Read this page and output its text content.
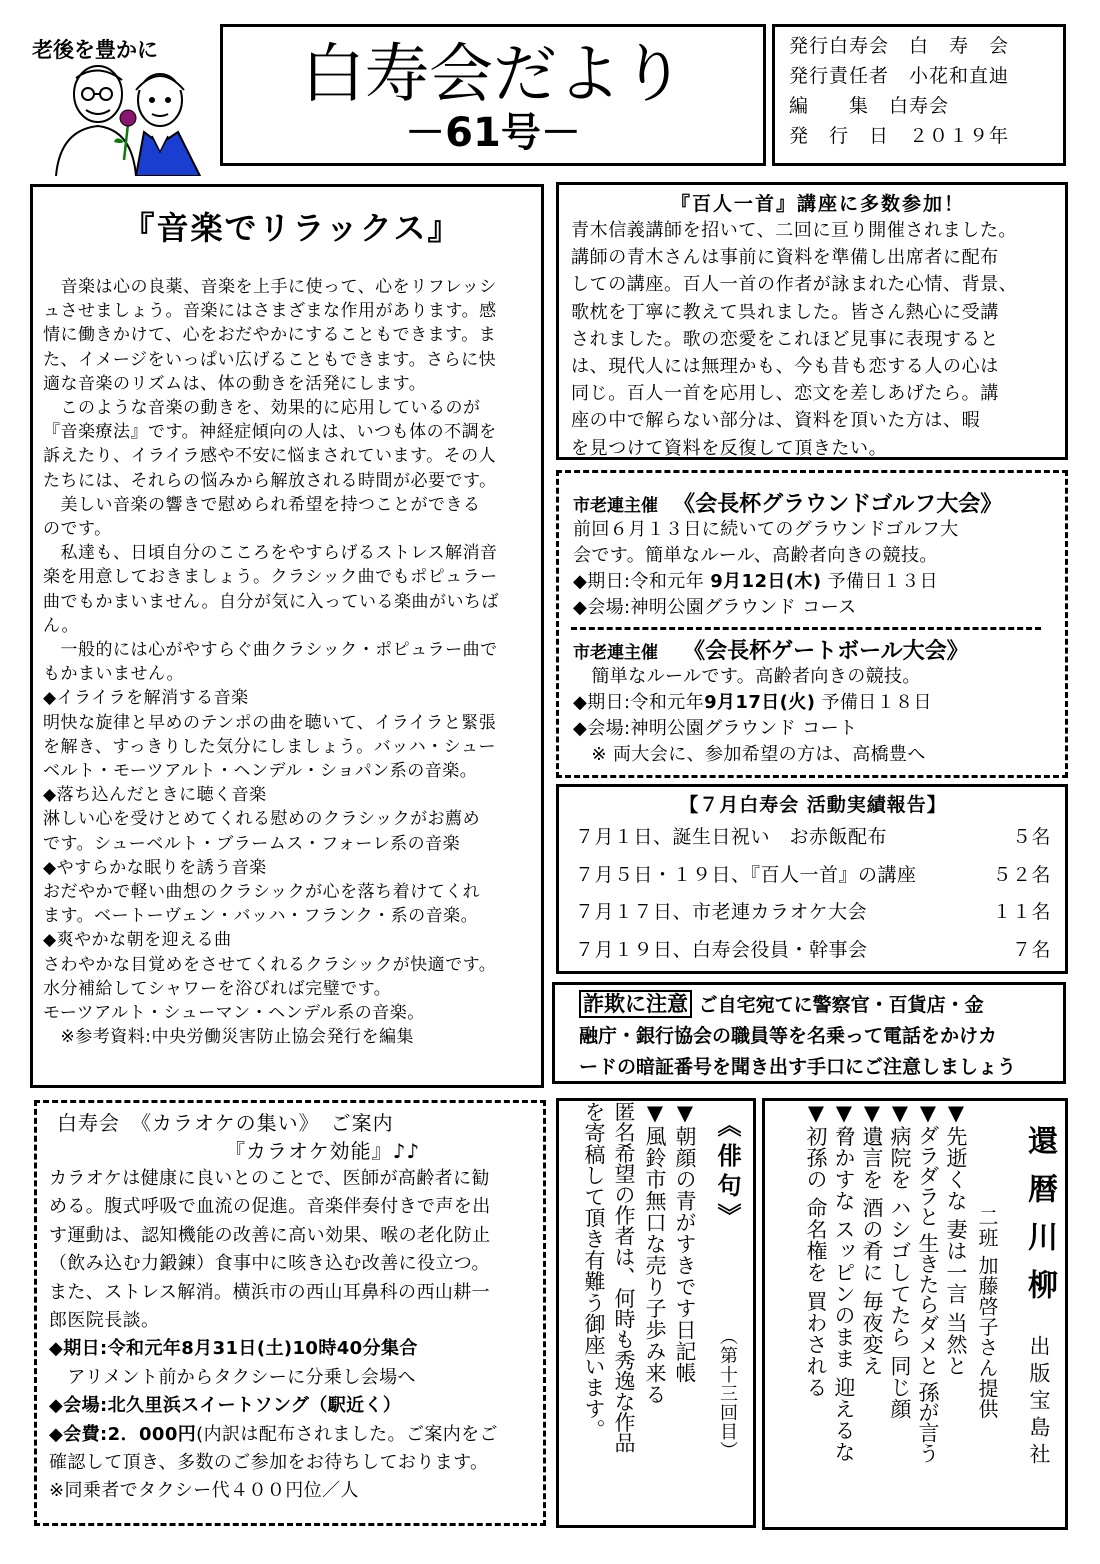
老後を豊かに	白寿会だより
－61号－
発行白寿会　白　寿　会
発行責任者　小花和直迪
編　　集　白寿会
発　行　日　２０１９年
『音楽でリラックス』
　音楽は心の良薬、音楽を上手に使って、心をリフレッシ
ュさせましょう。音楽にはさまざまな作用があります。感
情に働きかけて、心をおだやかにすることもできます。ま
た、イメージをいっぱい広げることもできます。さらに快
適な音楽のリズムは、体の動きを活発にします。
　このような音楽の動きを、効果的に応用しているのが
『音楽療法』です。神経症傾向の人は、いつも体の不調を
訴えたり、イライラ感や不安に悩まされています。その人
たちには、それらの悩みから解放される時間が必要です。
　美しい音楽の響きで慰められ希望を持つことができる
のです。
　私達も、日頃自分のこころをやすらげるストレス解消音
楽を用意しておきましょう。クラシック曲でもポピュラー
曲でもかまいません。自分が気に入っている楽曲がいちば
ん。
　一般的には心がやすらぐ曲クラシック・ポピュラー曲で
もかまいません。
◆イライラを解消する音楽
明快な旋律と早めのテンポの曲を聴いて、イライラと緊張
を解き、すっきりした気分にしましょう。バッハ・シュー
ベルト・モーツアルト・ヘンデル・ショパン系の音楽。
◆落ち込んだときに聴く音楽
淋しい心を受けとめてくれる慰めのクラシックがお薦め
です。シューベルト・ブラームス・フォーレ系の音楽
◆やすらかな眠りを誘う音楽
おだやかで軽い曲想のクラシックが心を落ち着けてくれ
ます。ベートーヴェン・バッハ・フランク・系の音楽。
◆爽やかな朝を迎える曲
さわやかな目覚めをさせてくれるクラシックが快適です。
水分補給してシャワーを浴びれば完璧です。
モーツアルト・シューマン・ヘンデル系の音楽。
　※参考資料:中央労働災害防止協会発行を編集
『百人一首』講座に多数参加！
青木信義講師を招いて、二回に亘り開催されました。
講師の青木さんは事前に資料を準備し出席者に配布
しての講座。百人一首の作者が詠まれた心情、背景、
歌枕を丁寧に教えて呉れました。皆さん熱心に受講
されました。歌の恋愛をこれほど見事に表現すると
は、現代人には無理かも、今も昔も恋する人の心は
同じ。百人一首を応用し、恋文を差しあげたら。講
座の中で解らない部分は、資料を頂いた方は、暇
を見つけて資料を反復して頂きたい。
市老連主催 《会長杯グラウンドゴルフ大会》
前回６月１３日に続いてのグラウンドゴルフ大
会です。簡単なルール、高齢者向きの競技。
◆期日:令和元年 9月12日(木) 予備日１３日
◆会場:神明公園グラウンド コース
市老連主催 《会長杯ゲートボール大会》
　簡単なルールです。高齢者向きの競技。
◆期日:令和元年9月17日(火) 予備日１８日
◆会場:神明公園グラウンド コート
　※ 両大会に、参加希望の方は、高橋豊へ
【７月白寿会 活動実績報告】
７月１日、誕生日祝い　お赤飯配布	５名
７月５日・１９日、『百人一首』の講座	５２名
７月１７日、市老連カラオケ大会	１１名
７月１９日、白寿会役員・幹事会	７名
詐欺に注意 ご自宅宛てに警察官・百貨店・金
融庁・銀行協会の職員等を名乗って電話をかけカ
ードの暗証番号を聞き出す手口にご注意しましょう
白寿会　《カラオケの集い》　ご案内
『カラオケ効能』♪♪
カラオケは健康に良いとのことで、医師が高齢者に勧
める。腹式呼吸で血流の促進。音楽伴奏付きで声を出
す運動は、認知機能の改善に高い効果、喉の老化防止
（飲み込む力鍛錬）食事中に咳き込む改善に役立つ。
また、ストレス解消。横浜市の西山耳鼻科の西山耕一
郎医院長談。
◆期日:令和元年8月31日(土)10時40分集合
　アリメント前からタクシーに分乗し会場へ
◆会場:北久里浜スイートソング（駅近く）
◆会費:2．000円(内訳は配布されました。ご案内をご
確認して頂き、多数のご参加をお待ちしております。
※同乗者でタクシー代４００円位／人
《俳句》
（第十三回目）
▼朝顔の青がすきです日記帳
▼風鈴市無口な売り子歩み来る
匿名希望の作者は、何時も秀逸な作品
を寄稿して頂き有難う御座います。	還暦川柳
出版宝島社
二班 加藤啓子さん提供
▼先逝くな 妻は一言 当然と
▼ダラダラと 生きたらダメと 孫が言う
▼病院を ハシゴしてたら 同じ顔
▼遺言を 酒の肴に 毎夜変え
▼脅かすな スッピンのまま 迎えるな
▼初孫の 命名権を 買わされる
